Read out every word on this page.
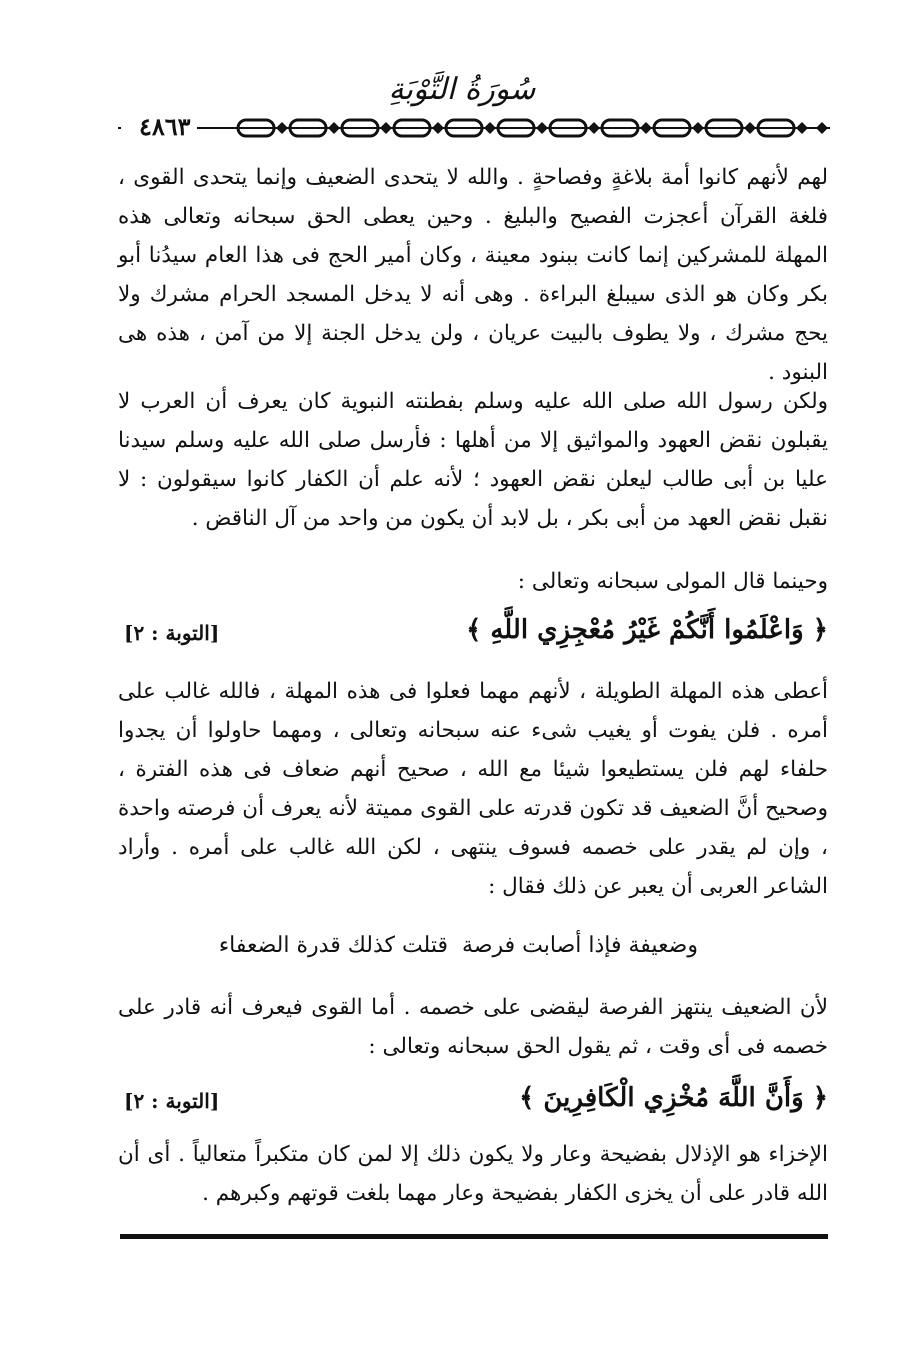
سُورَةُ التَّوْبَةِ
٤٨٦٣
لهم لأنهم كانوا أمة بلاغةٍ وفصاحةٍ . والله لا يتحدى الضعيف وإنما يتحدى القوى ، فلغة القرآن أعجزت الفصيح والبليغ . وحين يعطى الحق سبحانه وتعالى هذه المهلة للمشركين إنما كانت ببنود معينة ، وكان أمير الحج فى هذا العام سيدُنا أبو بكر وكان هو الذى سيبلغ البراءة . وهى أنه لا يدخل المسجد الحرام مشرك ولا يحج مشرك ، ولا يطوف بالبيت عريان ، ولن يدخل الجنة إلا من آمن ، هذه هى البنود .
ولكن رسول الله صلى الله عليه وسلم بفطنته النبوية كان يعرف أن العرب لا يقبلون نقض العهود والمواثيق إلا من أهلها : فأرسل صلى الله عليه وسلم سيدنا عليا بن أبى طالب ليعلن نقض العهود ؛ لأنه علم أن الكفار كانوا سيقولون : لا نقبل نقض العهد من أبى بكر ، بل لابد أن يكون من واحد من آل الناقض .
وحينما قال المولى سبحانه وتعالى :
﴿ وَاعْلَمُوا أَنَّكُمْ غَيْرُ مُعْجِزِي اللَّهِ ﴾
[التوبة : ٢]
أعطى هذه المهلة الطويلة ، لأنهم مهما فعلوا فى هذه المهلة ، فالله غالب على أمره . فلن يفوت أو يغيب شىء عنه سبحانه وتعالى ، ومهما حاولوا أن يجدوا حلفاء لهم فلن يستطيعوا شيئا مع الله ، صحيح أنهم ضعاف فى هذه الفترة ، وصحيح أنَّ الضعيف قد تكون قدرته على القوى مميتة لأنه يعرف أن فرصته واحدة ، وإن لم يقدر على خصمه فسوف ينتهى ، لكن الله غالب على أمره . وأراد الشاعر العربى أن يعبر عن ذلك فقال :
وضعيفة فإذا أصابت فرصة
قتلت كذلك قدرة الضعفاء
لأن الضعيف ينتهز الفرصة ليقضى على خصمه . أما القوى فيعرف أنه قادر على خصمه فى أى وقت ، ثم يقول الحق سبحانه وتعالى :
﴿ وَأَنَّ اللَّهَ مُخْزِي الْكَافِرِينَ ﴾
[التوبة : ٢]
الإخزاء هو الإذلال بفضيحة وعار ولا يكون ذلك إلا لمن كان متكبراً متعالياً . أى أن الله قادر على أن يخزى الكفار بفضيحة وعار مهما بلغت قوتهم وكبرهم .
